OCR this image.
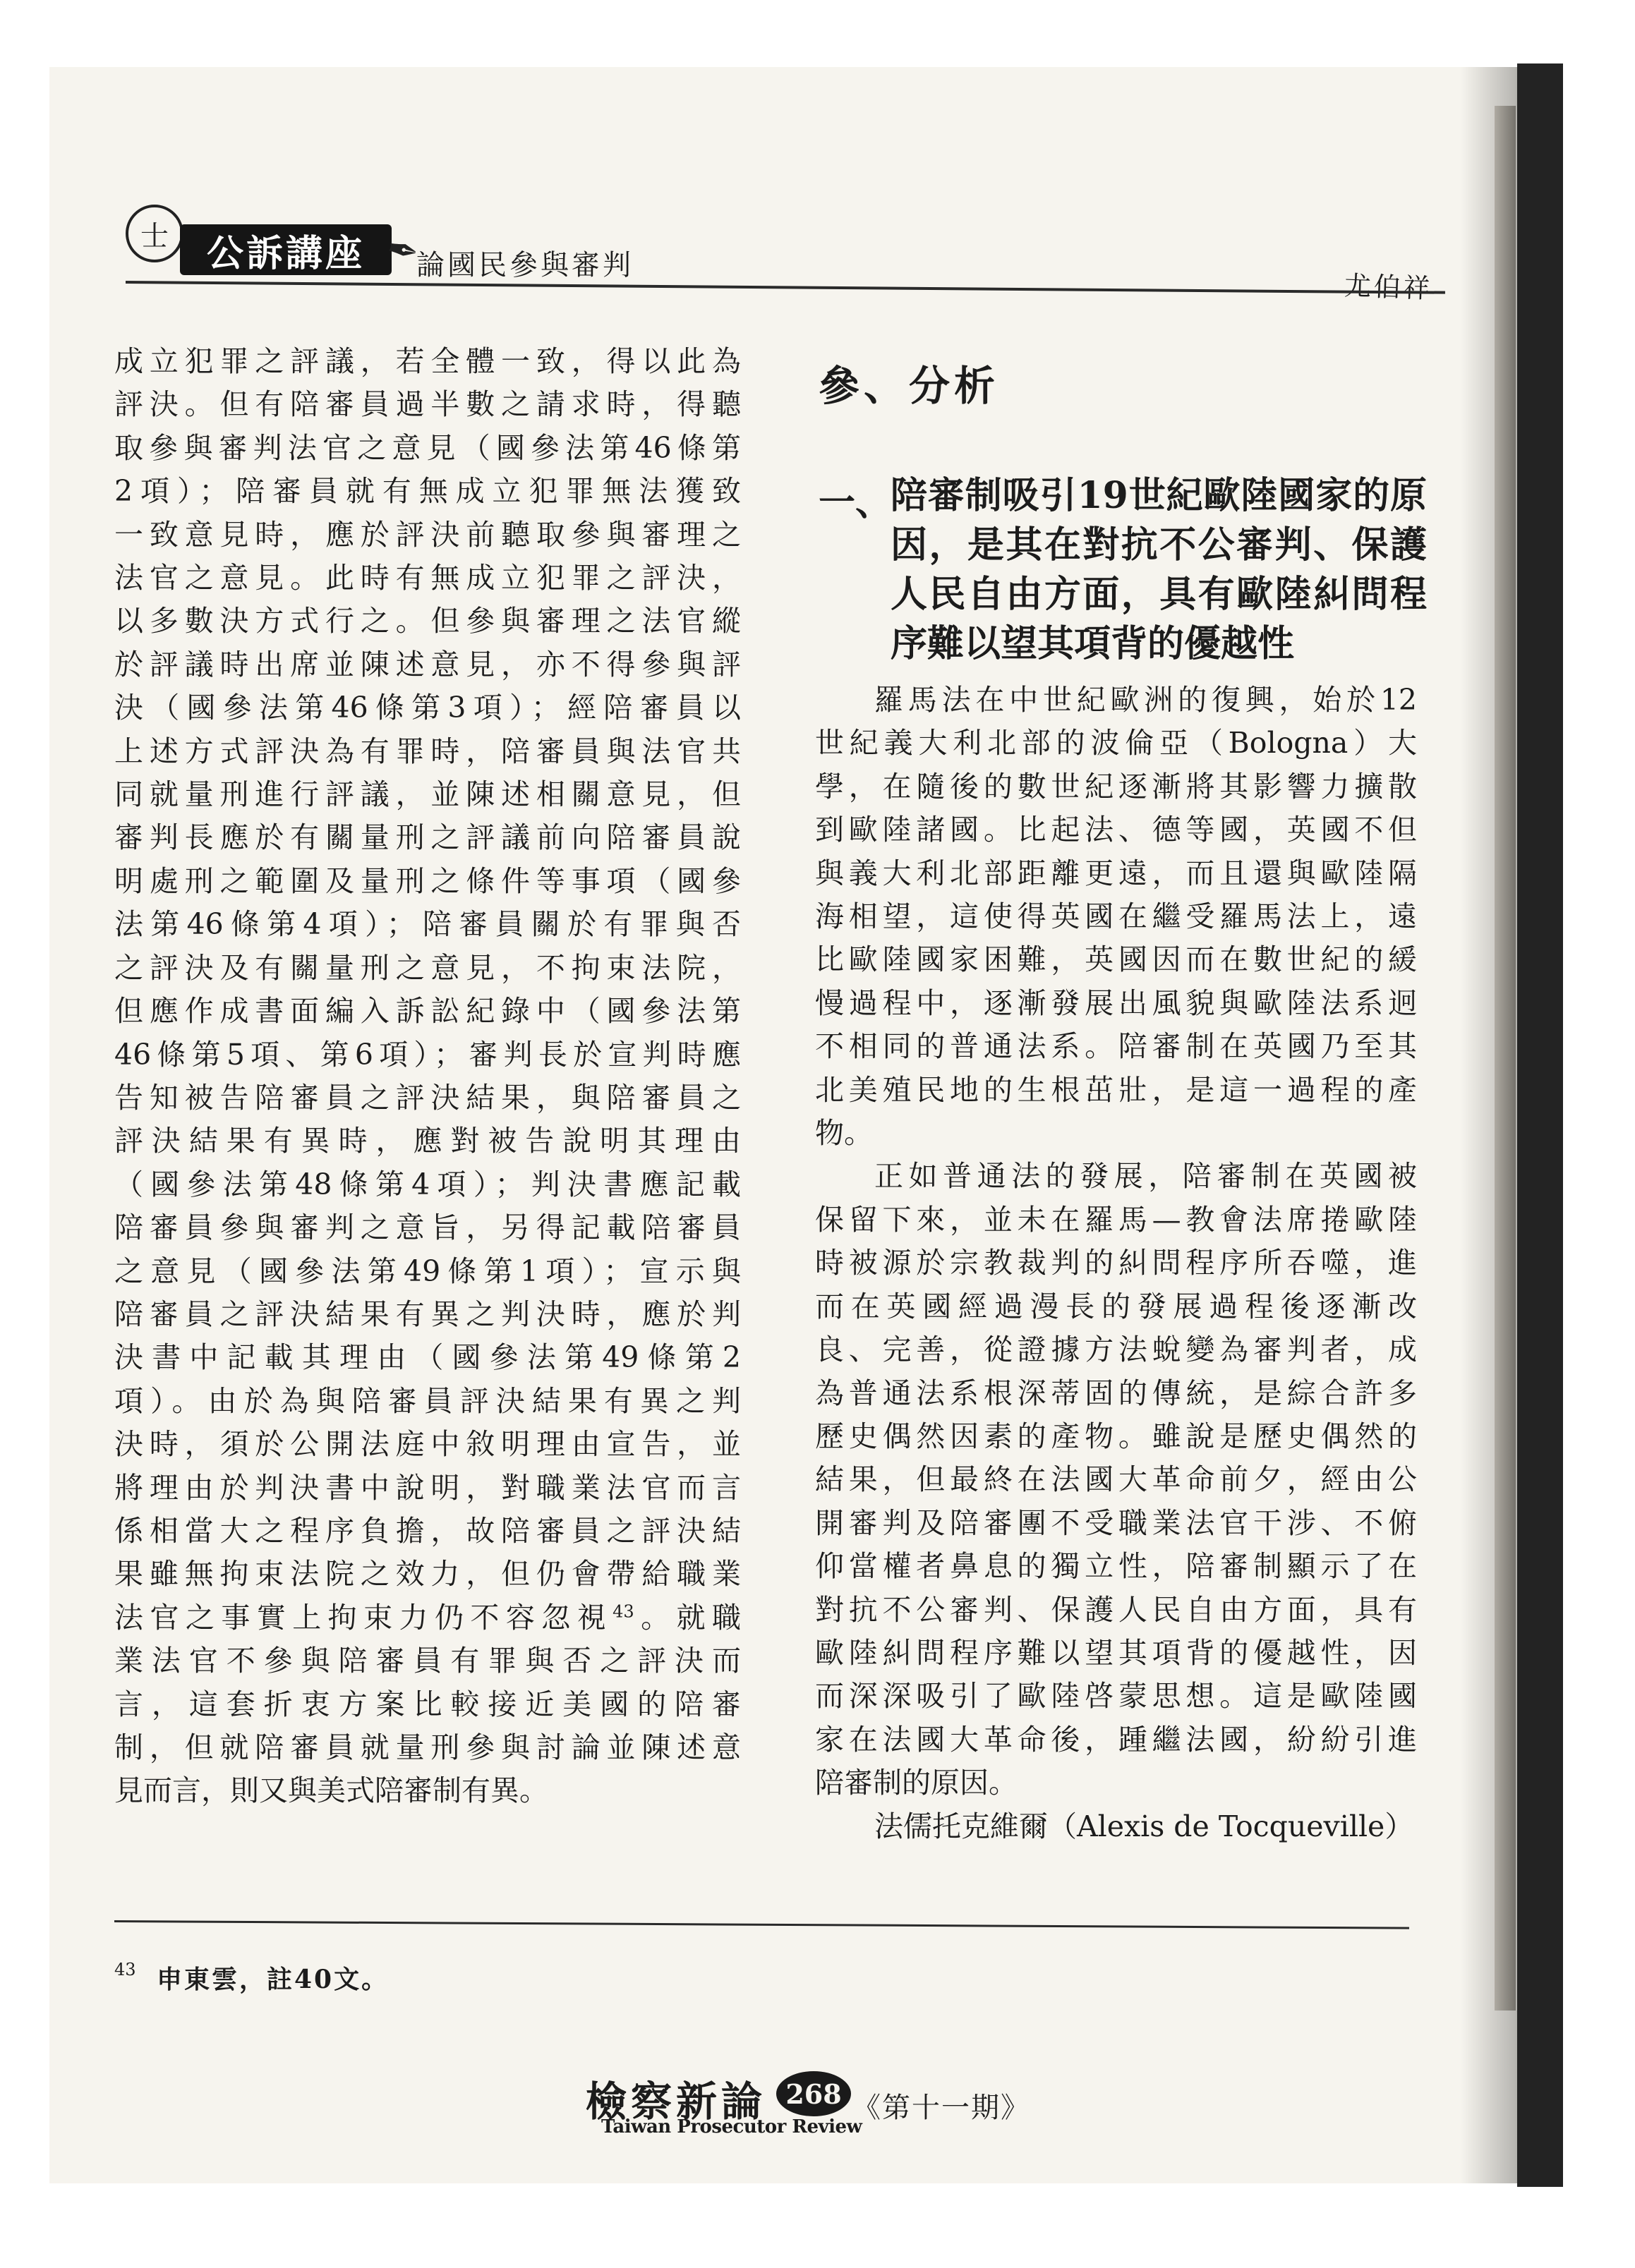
士	公訴講座 ✒
論國民參與審判
尤伯祥
成立犯罪之評議，若全體一致，得以此為
評決。但有陪審員過半數之請求時，得聽
取參與審判法官之意見（國參法第46條第
2項）；陪審員就有無成立犯罪無法獲致
一致意見時，應於評決前聽取參與審理之
法官之意見。此時有無成立犯罪之評決，
以多數決方式行之。但參與審理之法官縱
於評議時出席並陳述意見，亦不得參與評
決（國參法第46條第3項）；經陪審員以
上述方式評決為有罪時，陪審員與法官共
同就量刑進行評議，並陳述相關意見，但
審判長應於有關量刑之評議前向陪審員說
明處刑之範圍及量刑之條件等事項（國參
法第46條第4項）；陪審員關於有罪與否
之評決及有關量刑之意見，不拘束法院，
但應作成書面編入訴訟紀錄中（國參法第
46條第5項、第6項）；審判長於宣判時應
告知被告陪審員之評決結果，與陪審員之
評決結果有異時，應對被告說明其理由
（國參法第48條第4項）；判決書應記載
陪審員參與審判之意旨，另得記載陪審員
之意見（國參法第49條第1項）；宣示與
陪審員之評決結果有異之判決時，應於判
決書中記載其理由（國參法第49條第2
項）。由於為與陪審員評決結果有異之判
決時，須於公開法庭中敘明理由宣告，並
將理由於判決書中說明，對職業法官而言
係相當大之程序負擔，故陪審員之評決結
果雖無拘束法院之效力，但仍會帶給職業
法官之事實上拘束力仍不容忽視$^{43}$。就職
業法官不參與陪審員有罪與否之評決而
言，這套折衷方案比較接近美國的陪審
制，但就陪審員就量刑參與討論並陳述意
見而言，則又與美式陪審制有異。
參、分析
一、
陪審制吸引19世紀歐陸國家的原因，是其在對抗不公審判、保護人民自由方面，具有歐陸糾問程序難以望其項背的優越性
羅馬法在中世紀歐洲的復興，始於12
世紀義大利北部的波倫亞（Bologna）大
學，在隨後的數世紀逐漸將其影響力擴散
到歐陸諸國。比起法、德等國，英國不但
與義大利北部距離更遠，而且還與歐陸隔
海相望，這使得英國在繼受羅馬法上，遠
比歐陸國家困難，英國因而在數世紀的緩
慢過程中，逐漸發展出風貌與歐陸法系迥
不相同的普通法系。陪審制在英國乃至其
北美殖民地的生根茁壯，是這一過程的產
物。
正如普通法的發展，陪審制在英國被
保留下來，並未在羅馬—教會法席捲歐陸
時被源於宗教裁判的糾問程序所吞噬，進
而在英國經過漫長的發展過程後逐漸改
良、完善，從證據方法蛻變為審判者，成
為普通法系根深蒂固的傳統，是綜合許多
歷史偶然因素的產物。雖說是歷史偶然的
結果，但最終在法國大革命前夕，經由公
開審判及陪審團不受職業法官干涉、不俯
仰當權者鼻息的獨立性，陪審制顯示了在
對抗不公審判、保護人民自由方面，具有
歐陸糾問程序難以望其項背的優越性，因
而深深吸引了歐陸啓蒙思想。這是歐陸國
家在法國大革命後，踵繼法國，紛紛引進
陪審制的原因。
法儒托克維爾（Alexis de Tocqueville）
43 申東雲，註40文。
檢察新論
Taiwan Prosecutor Review
268 《第十一期》
